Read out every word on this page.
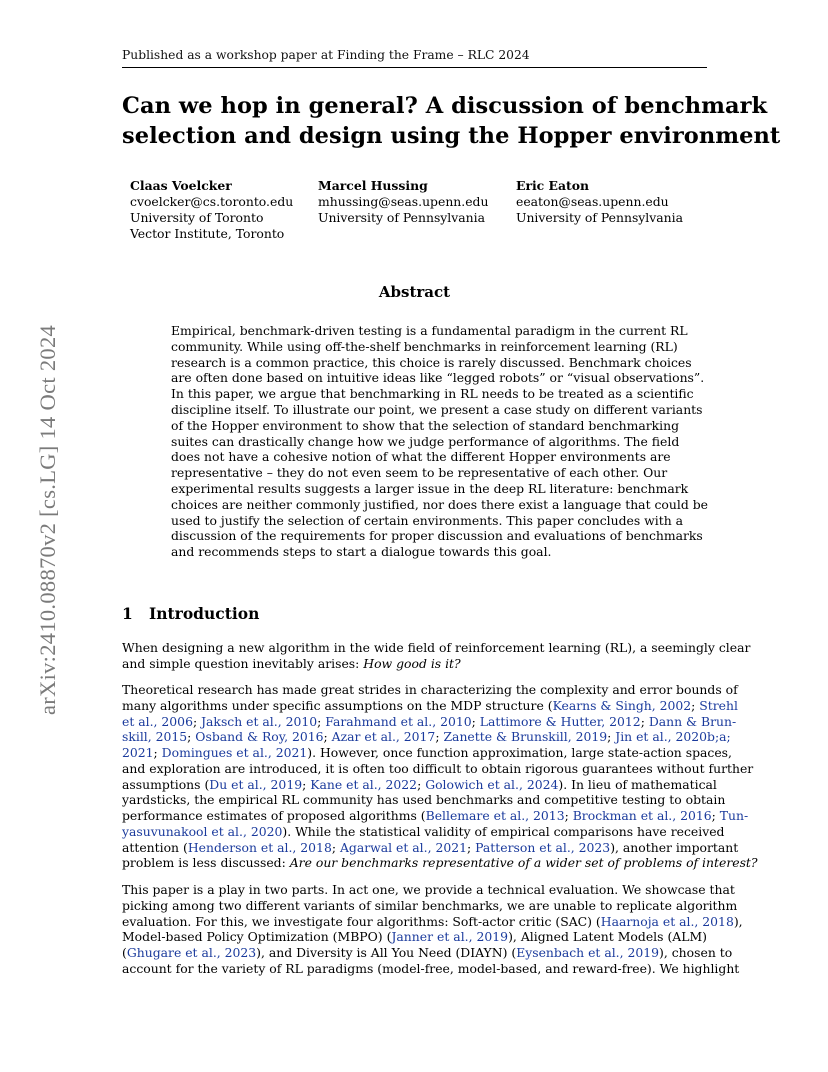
Published as a workshop paper at Finding the Frame – RLC 2024
Can we hop in general? A discussion of benchmark
selection and design using the Hopper environment
Claas Voelcker
cvoelcker@cs.toronto.edu
University of Toronto
Vector Institute, Toronto
Marcel Hussing
mhussing@seas.upenn.edu
University of Pennsylvania
Eric Eaton
eeaton@seas.upenn.edu
University of Pennsylvania
arXiv:2410.08870v2 [cs.LG] 14 Oct 2024
Abstract
Empirical, benchmark-driven testing is a fundamental paradigm in the current RL
community. While using off-the-shelf benchmarks in reinforcement learning (RL)
research is a common practice, this choice is rarely discussed. Benchmark choices
are often done based on intuitive ideas like “legged robots” or “visual observations”.
In this paper, we argue that benchmarking in RL needs to be treated as a scientific
discipline itself. To illustrate our point, we present a case study on different variants
of the Hopper environment to show that the selection of standard benchmarking
suites can drastically change how we judge performance of algorithms. The field
does not have a cohesive notion of what the different Hopper environments are
representative – they do not even seem to be representative of each other. Our
experimental results suggests a larger issue in the deep RL literature: benchmark
choices are neither commonly justified, nor does there exist a language that could be
used to justify the selection of certain environments. This paper concludes with a
discussion of the requirements for proper discussion and evaluations of benchmarks
and recommends steps to start a dialogue towards this goal.
1 Introduction
When designing a new algorithm in the wide field of reinforcement learning (RL), a seemingly clear
and simple question inevitably arises: How good is it?
Theoretical research has made great strides in characterizing the complexity and error bounds of
many algorithms under specific assumptions on the MDP structure (Kearns & Singh, 2002; Strehl
et al., 2006; Jaksch et al., 2010; Farahmand et al., 2010; Lattimore & Hutter, 2012; Dann & Brun-
skill, 2015; Osband & Roy, 2016; Azar et al., 2017; Zanette & Brunskill, 2019; Jin et al., 2020b;a;
2021; Domingues et al., 2021). However, once function approximation, large state-action spaces,
and exploration are introduced, it is often too difficult to obtain rigorous guarantees without further
assumptions (Du et al., 2019; Kane et al., 2022; Golowich et al., 2024). In lieu of mathematical
yardsticks, the empirical RL community has used benchmarks and competitive testing to obtain
performance estimates of proposed algorithms (Bellemare et al., 2013; Brockman et al., 2016; Tun-
yasuvunakool et al., 2020). While the statistical validity of empirical comparisons have received
attention (Henderson et al., 2018; Agarwal et al., 2021; Patterson et al., 2023), another important
problem is less discussed: Are our benchmarks representative of a wider set of problems of interest?
This paper is a play in two parts. In act one, we provide a technical evaluation. We showcase that
picking among two different variants of similar benchmarks, we are unable to replicate algorithm
evaluation. For this, we investigate four algorithms: Soft-actor critic (SAC) (Haarnoja et al., 2018),
Model-based Policy Optimization (MBPO) (Janner et al., 2019), Aligned Latent Models (ALM)
(Ghugare et al., 2023), and Diversity is All You Need (DIAYN) (Eysenbach et al., 2019), chosen to
account for the variety of RL paradigms (model-free, model-based, and reward-free). We highlight
